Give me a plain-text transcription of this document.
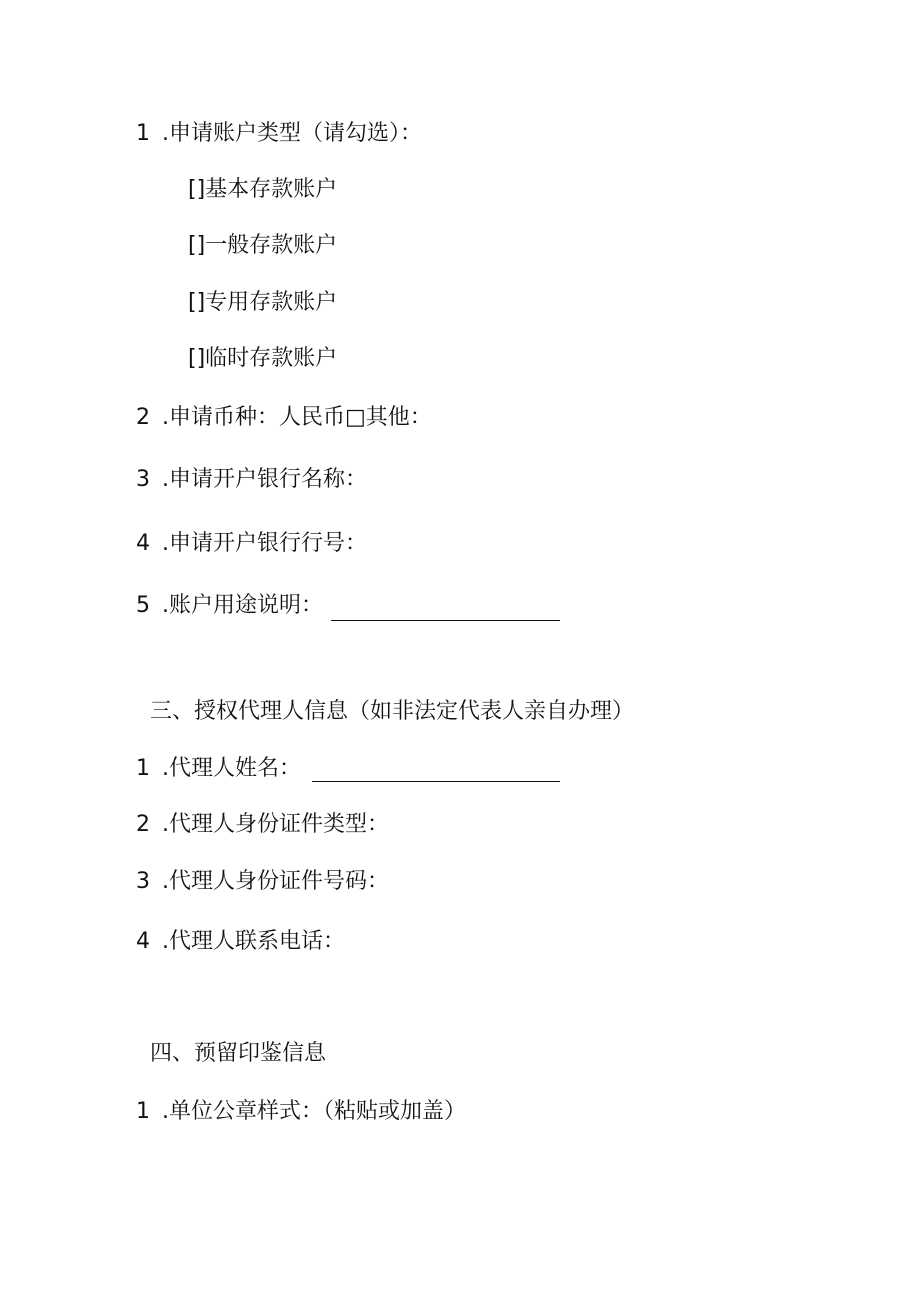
1 .申请账户类型（请勾选）：
[]基本存款账户
[]一般存款账户
[]专用存款账户
[]临时存款账户
2 .申请币种：人民币□其他：
3 .申请开户银行名称：
4 .申请开户银行行号：
5 .账户用途说明：
三、授权代理人信息（如非法定代表人亲自办理）
1 .代理人姓名：
2 .代理人身份证件类型：
3 .代理人身份证件号码：
4 .代理人联系电话：
四、预留印鉴信息
1 .单位公章样式：（粘贴或加盖）
